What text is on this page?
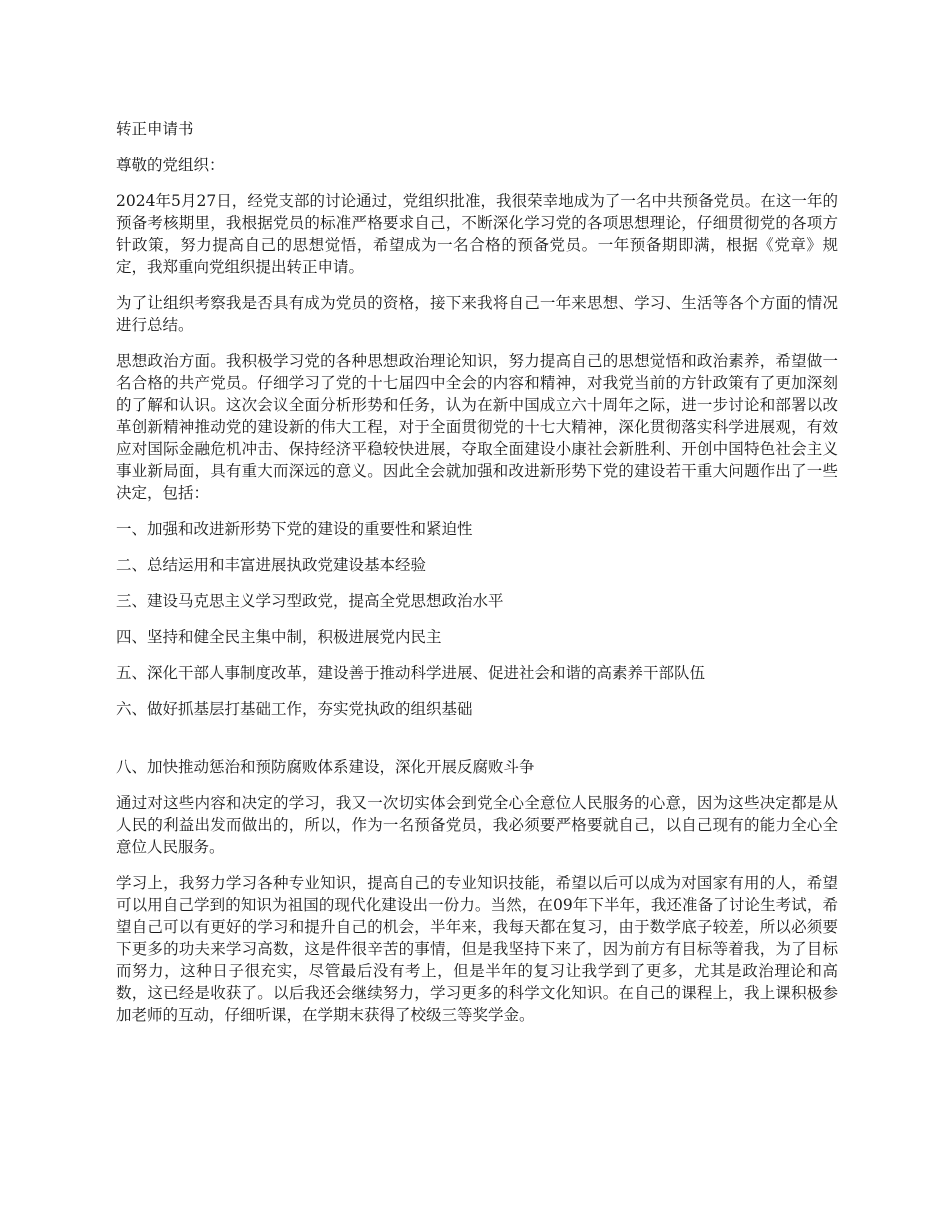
转正申请书

尊敬的党组织：

2024年5月27日，经党支部的讨论通过，党组织批准，我很荣幸地成为了一名中共预备党员。在这一年的预备考核期里，我根据党员的标准严格要求自己，不断深化学习党的各项思想理论，仔细贯彻党的各项方针政策，努力提高自己的思想觉悟，希望成为一名合格的预备党员。一年预备期即满，根据《党章》规定，我郑重向党组织提出转正申请。

为了让组织考察我是否具有成为党员的资格，接下来我将自己一年来思想、学习、生活等各个方面的情况进行总结。

思想政治方面。我积极学习党的各种思想政治理论知识，努力提高自己的思想觉悟和政治素养，希望做一名合格的共产党员。仔细学习了党的十七届四中全会的内容和精神，对我党当前的方针政策有了更加深刻的了解和认识。这次会议全面分析形势和任务，认为在新中国成立六十周年之际，进一步讨论和部署以改革创新精神推动党的建设新的伟大工程，对于全面贯彻党的十七大精神，深化贯彻落实科学进展观，有效应对国际金融危机冲击、保持经济平稳较快进展，夺取全面建设小康社会新胜利、开创中国特色社会主义事业新局面，具有重大而深远的意义。因此全会就加强和改进新形势下党的建设若干重大问题作出了一些决定，包括：

一、加强和改进新形势下党的建设的重要性和紧迫性

二、总结运用和丰富进展执政党建设基本经验

三、建设马克思主义学习型政党，提高全党思想政治水平

四、坚持和健全民主集中制，积极进展党内民主

五、深化干部人事制度改革，建设善于推动科学进展、促进社会和谐的高素养干部队伍

六、做好抓基层打基础工作，夯实党执政的组织基础

八、加快推动惩治和预防腐败体系建设，深化开展反腐败斗争

通过对这些内容和决定的学习，我又一次切实体会到党全心全意位人民服务的心意，因为这些决定都是从人民的利益出发而做出的，所以，作为一名预备党员，我必须要严格要就自己，以自己现有的能力全心全意位人民服务。

学习上，我努力学习各种专业知识，提高自己的专业知识技能，希望以后可以成为对国家有用的人，希望可以用自己学到的知识为祖国的现代化建设出一份力。当然，在09年下半年，我还准备了讨论生考试，希望自己可以有更好的学习和提升自己的机会，半年来，我每天都在复习，由于数学底子较差，所以必须要下更多的功夫来学习高数，这是件很辛苦的事情，但是我坚持下来了，因为前方有目标等着我，为了目标而努力，这种日子很充实，尽管最后没有考上，但是半年的复习让我学到了更多，尤其是政治理论和高数，这已经是收获了。以后我还会继续努力，学习更多的科学文化知识。在自己的课程上，我上课积极参加老师的互动，仔细听课，在学期末获得了校级三等奖学金。
